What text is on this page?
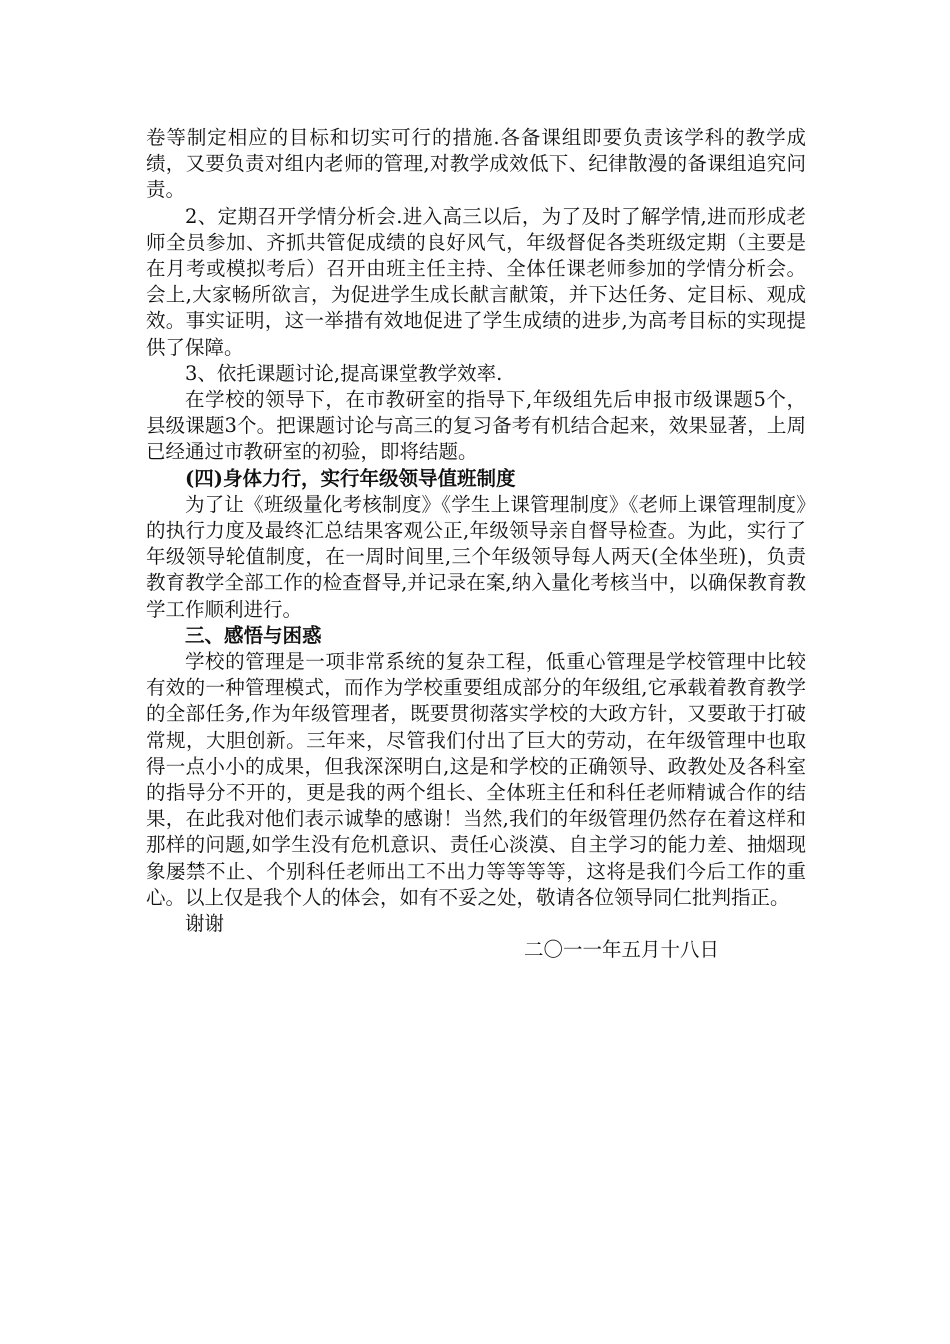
卷等制定相应的目标和切实可行的措施.各备课组即要负责该学科的教学成绩，又要负责对组内老师的管理,对教学成效低下、纪律散漫的备课组追究问责。

2、定期召开学情分析会.进入高三以后，为了及时了解学情,进而形成老师全员参加、齐抓共管促成绩的良好风气，年级督促各类班级定期（主要是在月考或模拟考后）召开由班主任主持、全体任课老师参加的学情分析会。会上,大家畅所欲言，为促进学生成长献言献策，并下达任务、定目标、观成效。事实证明，这一举措有效地促进了学生成绩的进步,为高考目标的实现提供了保障。

3、依托课题讨论,提高课堂教学效率.

在学校的领导下，在市教研室的指导下,年级组先后申报市级课题5个，县级课题3个。把课题讨论与高三的复习备考有机结合起来，效果显著，上周已经通过市教研室的初验，即将结题。

(四)身体力行，实行年级领导值班制度

为了让《班级量化考核制度》《学生上课管理制度》《老师上课管理制度》的执行力度及最终汇总结果客观公正,年级领导亲自督导检查。为此，实行了年级领导轮值制度，在一周时间里,三个年级领导每人两天(全体坐班)，负责教育教学全部工作的检查督导,并记录在案,纳入量化考核当中，以确保教育教学工作顺利进行。

三、感悟与困惑

学校的管理是一项非常系统的复杂工程，低重心管理是学校管理中比较有效的一种管理模式，而作为学校重要组成部分的年级组,它承载着教育教学的全部任务,作为年级管理者，既要贯彻落实学校的大政方针，又要敢于打破常规，大胆创新。三年来，尽管我们付出了巨大的劳动，在年级管理中也取得一点小小的成果，但我深深明白,这是和学校的正确领导、政教处及各科室的指导分不开的，更是我的两个组长、全体班主任和科任老师精诚合作的结果，在此我对他们表示诚挚的感谢！当然,我们的年级管理仍然存在着这样和那样的问题,如学生没有危机意识、责任心淡漠、自主学习的能力差、抽烟现象屡禁不止、个别科任老师出工不出力等等等等，这将是我们今后工作的重心。以上仅是我个人的体会，如有不妥之处，敬请各位领导同仁批判指正。

谢谢

二〇一一年五月十八日
